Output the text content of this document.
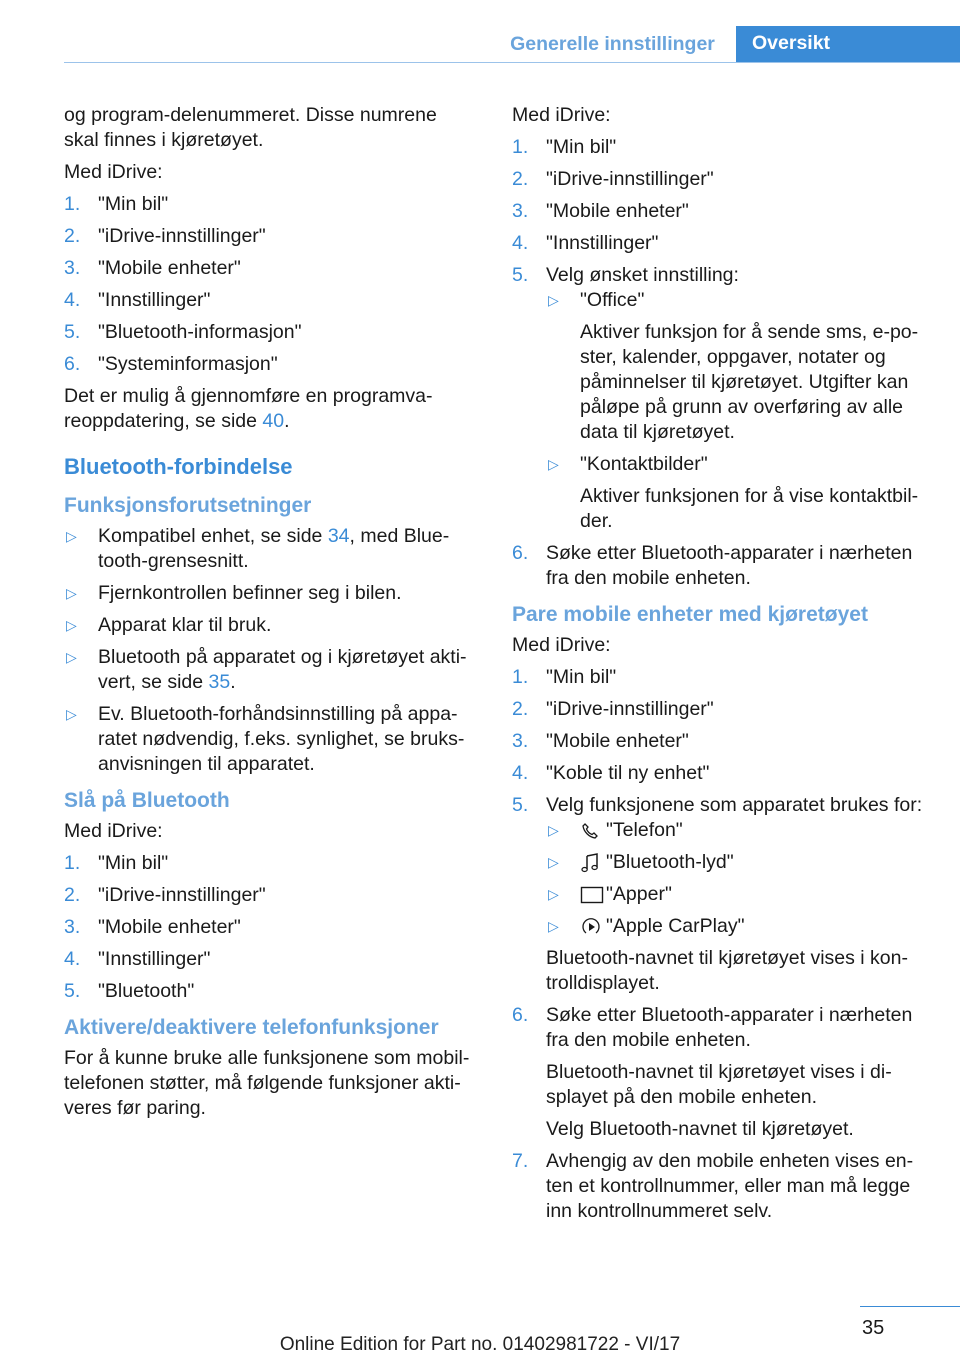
Generelle innstillinger	Oversikt

og program-delenummeret. Disse numrene skal finnes i kjøretøyet.

Med iDrive:

1. "Min bil"
2. "iDrive-innstillinger"
3. "Mobile enheter"
4. "Innstillinger"
5. "Bluetooth-informasjon"
6. "Systeminformasjon"

Det er mulig å gjennomføre en programva‐reoppdatering, se side 40.

Bluetooth-forbindelse
Funksjonsforutsetninger
▷ Kompatibel enhet, se side 34, med Blue‐tooth-grensesnitt.
▷ Fjernkontrollen befinner seg i bilen.
▷ Apparat klar til bruk.
▷ Bluetooth på apparatet og i kjøretøyet akti‐vert, se side 35.
▷ Ev. Bluetooth-forhåndsinnstilling på appa‐ratet nødvendig, f.eks. synlighet, se bruks‐anvisningen til apparatet.
Slå på Bluetooth

Med iDrive:

1. "Min bil"
2. "iDrive-innstillinger"
3. "Mobile enheter"
4. "Innstillinger"
5. "Bluetooth"
Aktivere/deaktivere telefonfunksjoner

For å kunne bruke alle funksjonene som mobil‐telefonen støtter, må følgende funksjoner akti‐veres før paring.

Med iDrive:

1. "Min bil"
2. "iDrive-innstillinger"
3. "Mobile enheter"
4. "Innstillinger"
5. Velg ønsket innstilling:
▷ "Office"
Aktiver funksjon for å sende sms, e-po‐ster, kalender, oppgaver, notater og påminnelser til kjøretøyet. Utgifter kan påløpe på grunn av overføring av alle data til kjøretøyet.
▷ "Kontaktbilder"
Aktiver funksjonen for å vise kontaktbil‐der.
6. Søke etter Bluetooth-apparater i nærheten fra den mobile enheten.
Pare mobile enheter med kjøretøyet

Med iDrive:

1. "Min bil"
2. "iDrive-innstillinger"
3. "Mobile enheter"
4. "Koble til ny enhet"
5. Velg funksjonene som apparatet brukes for:
▷ "Telefon"
▷ "Bluetooth-lyd"
▷ "Apper"
▷ "Apple CarPlay"
Bluetooth-navnet til kjøretøyet vises i kon‐trolldisplayet.
6. Søke etter Bluetooth-apparater i nærheten fra den mobile enheten.
Bluetooth-navnet til kjøretøyet vises i di‐splayet på den mobile enheten.
Velg Bluetooth-navnet til kjøretøyet.
7. Avhengig av den mobile enheten vises en‐ten et kontrollnummer, eller man må legge inn kontrollnummeret selv.
35
Online Edition for Part no. 01402981722 - VI/17
